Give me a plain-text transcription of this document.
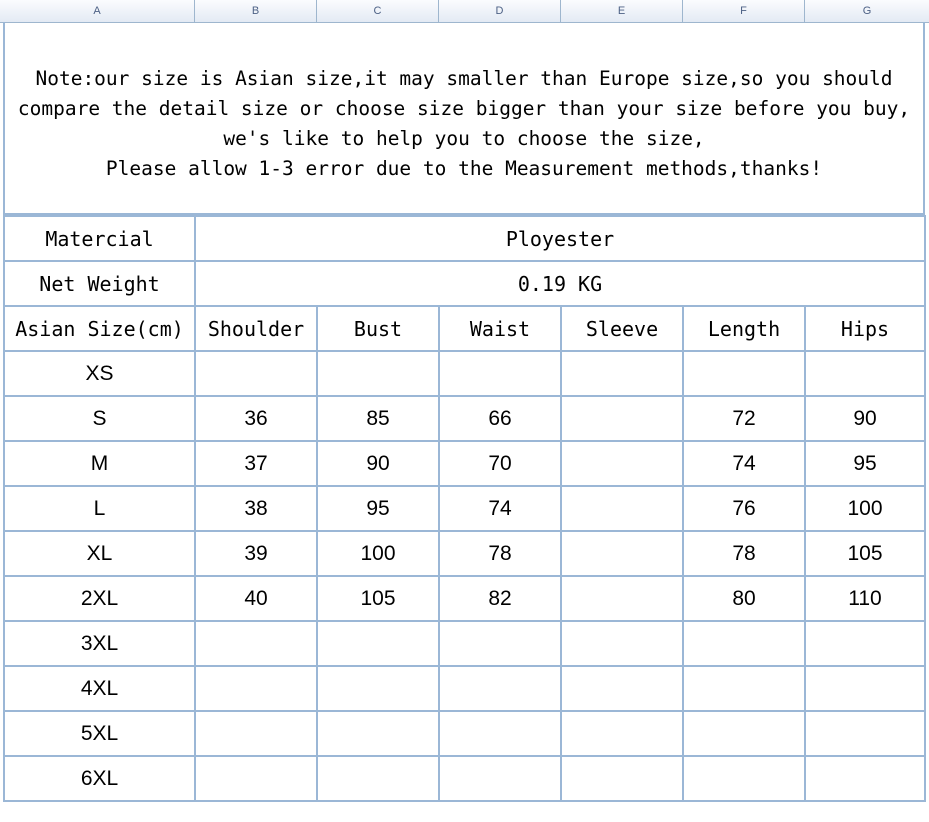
A	B	C	D	E	F	G
Note:our size is Asian size,it may smaller than Europe size,so you should
compare the detail size or choose size bigger than your size before you buy,
we's like to help you to choose the size,
Please allow 1-3 error due to the Measurement methods,thanks!
Matercial	Ployester					
Net Weight	0.19 KG					
Asian Size(cm)	Shoulder	Bust	Waist	Sleeve	Length	Hips
XS						
S	36	85	66		72	90
M	37	90	70		74	95
L	38	95	74		76	100
XL	39	100	78		78	105
2XL	40	105	82		80	110
3XL						
4XL						
5XL						
6XL						
